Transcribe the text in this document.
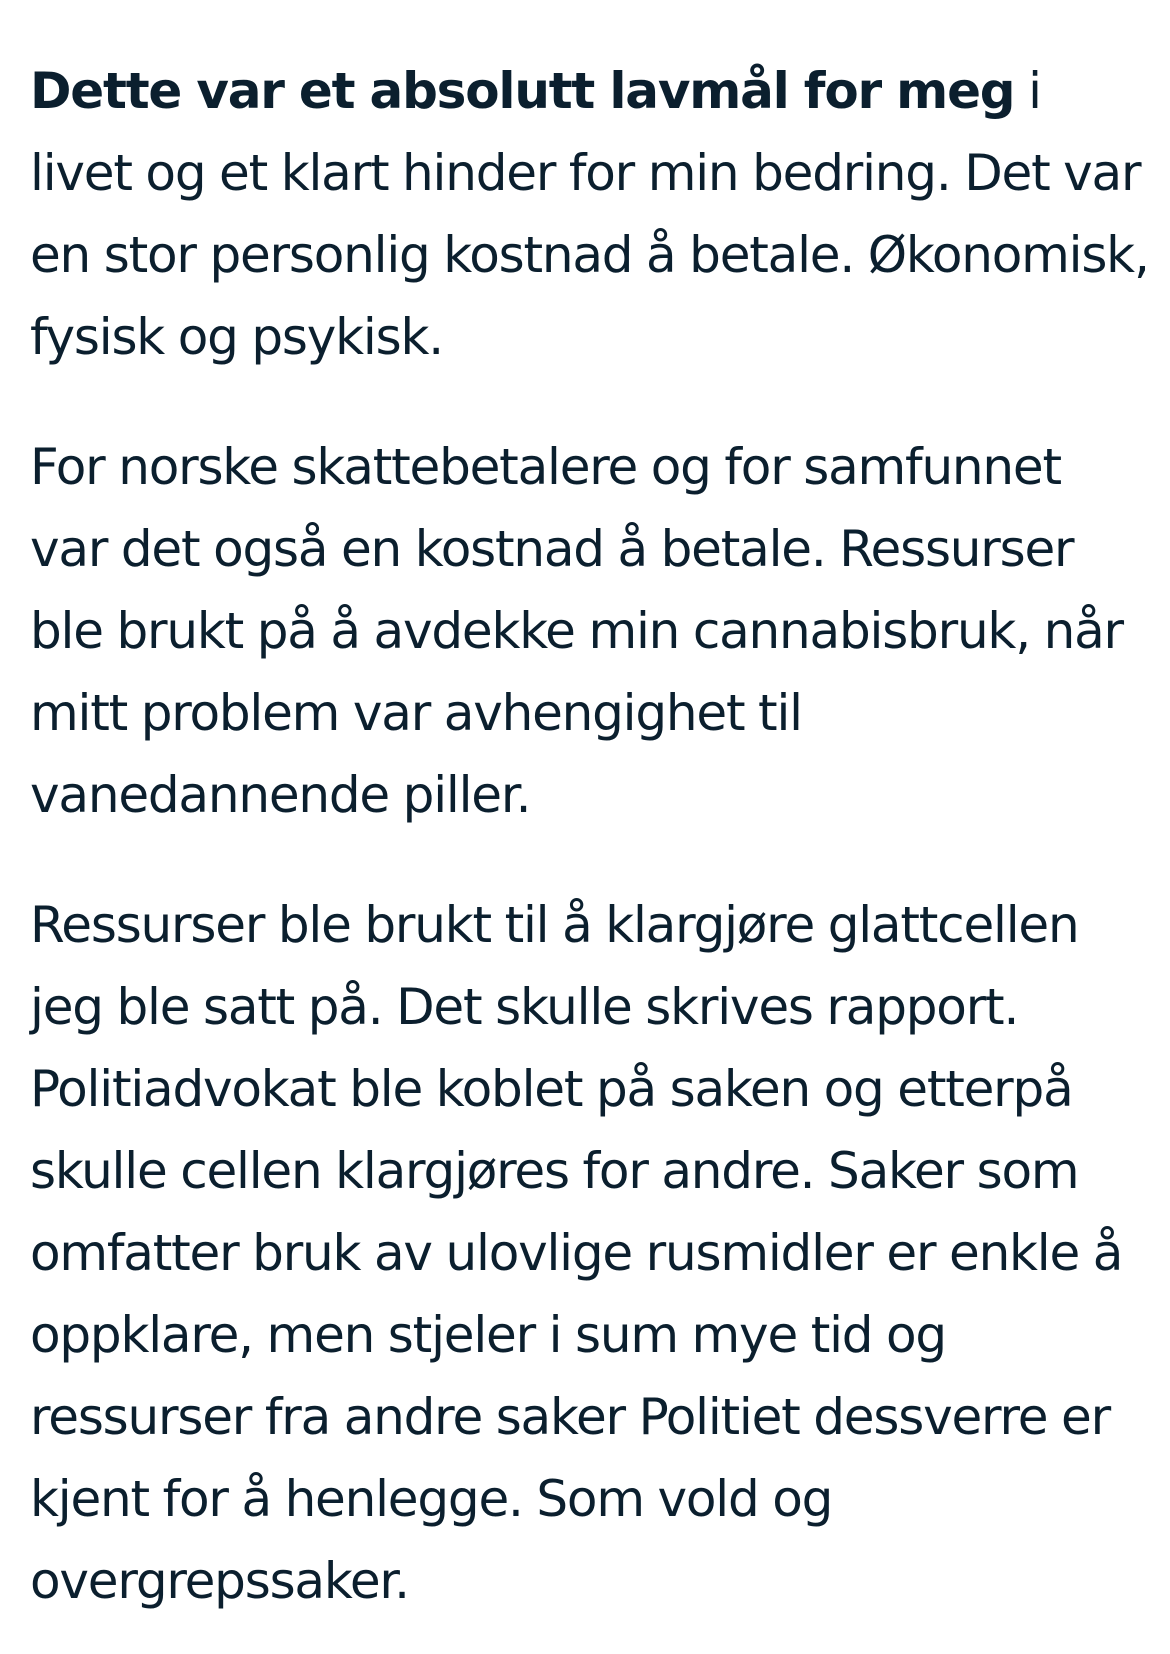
Dette var et absolutt lavmål for meg i livet og et klart hinder for min bedring. Det var en stor personlig kostnad å betale. Økonomisk, fysisk og psykisk.

For norske skattebetalere og for samfunnet var det også en kostnad å betale. Ressurser ble brukt på å avdekke min cannabisbruk, når mitt problem var avhengighet til vanedannende piller.

Ressurser ble brukt til å klargjøre glattcellen jeg ble satt på. Det skulle skrives rapport. Politiadvokat ble koblet på saken og etterpå skulle cellen klargjøres for andre. Saker som omfatter bruk av ulovlige rusmidler er enkle å oppklare, men stjeler i sum mye tid og ressurser fra andre saker Politiet dessverre er kjent for å henlegge. Som vold og overgrepssaker.
